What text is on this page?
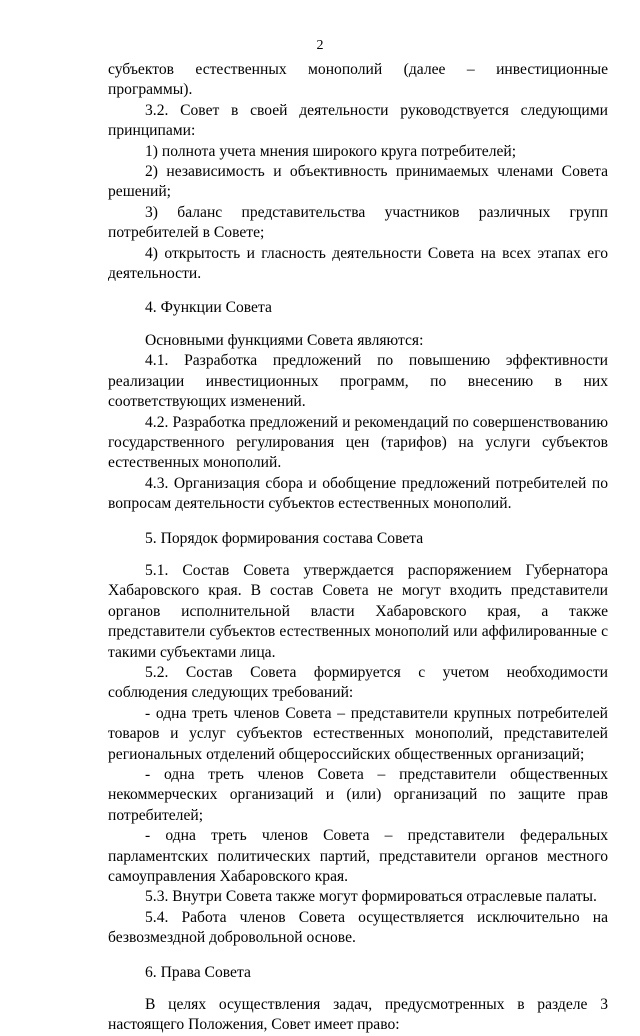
2

субъектов естественных монополий (далее – инвестиционные программы).

3.2. Совет в своей деятельности руководствуется следующими принципами:

1) полнота учета мнения широкого круга потребителей;

2) независимость и объективность принимаемых членами Совета решений;

3) баланс представительства участников различных групп потребителей в Совете;

4) открытость и гласность деятельности Совета на всех этапах его деятельности.

4. Функции Совета

Основными функциями Совета являются:

4.1. Разработка предложений по повышению эффективности реализации инвестиционных программ, по внесению в них соответствующих изменений.

4.2. Разработка предложений и рекомендаций по совершенствованию государственного регулирования цен (тарифов) на услуги субъектов естественных монополий.

4.3. Организация сбора и обобщение предложений потребителей по вопросам деятельности субъектов естественных монополий.

5. Порядок формирования состава Совета

5.1. Состав Совета утверждается распоряжением Губернатора Хабаровского края. В состав Совета не могут входить представители органов исполнительной власти Хабаровского края, а также представители субъектов естественных монополий или аффилированные с такими субъектами лица.

5.2. Состав Совета формируется с учетом необходимости соблюдения следующих требований:

- одна треть членов Совета – представители крупных потребителей товаров и услуг субъектов естественных монополий, представителей региональных отделений общероссийских общественных организаций;

- одна треть членов Совета – представители общественных некоммерческих организаций и (или) организаций по защите прав потребителей;

- одна треть членов Совета – представители федеральных парламентских политических партий, представители органов местного самоуправления Хабаровского края.

5.3. Внутри Совета также могут формироваться отраслевые палаты.

5.4. Работа членов Совета осуществляется исключительно на безвозмездной добровольной основе.

6. Права Совета

В целях осуществления задач, предусмотренных в разделе 3 настоящего Положения, Совет имеет право:
